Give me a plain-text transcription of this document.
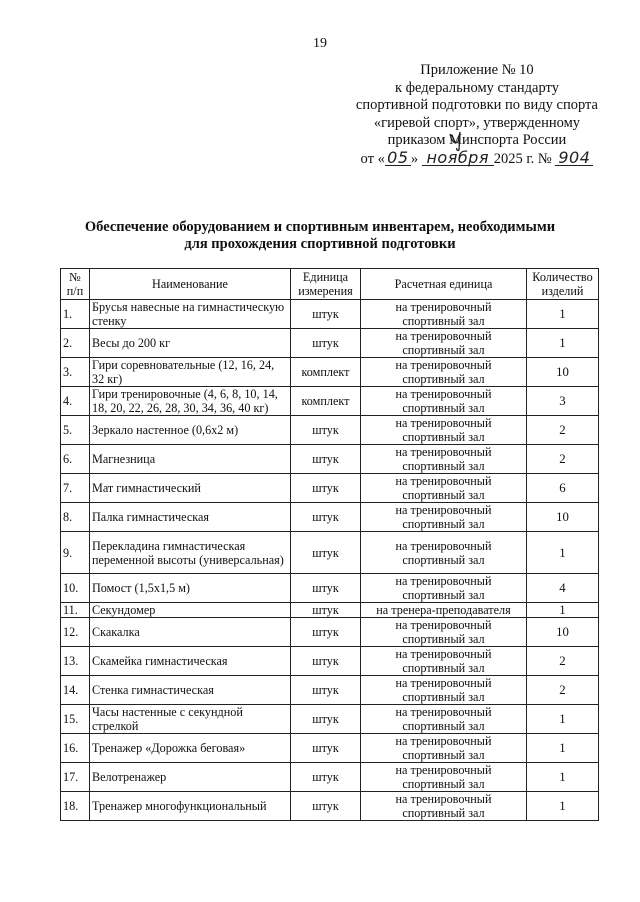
19
Приложение № 10
к федеральному стандарту
спортивной подготовки по виду спорта
«гиревой спорт», утвержденному
приказом Минспорта России
от « 05 » ноября 2025 г. № 904
Обеспечение оборудованием и спортивным инвентарем, необходимыми
для прохождения спортивной подготовки
№ п/п	Наименование	Единица измерения	Расчетная единица	Количество изделий
1.	Брусья навесные на гимнастическую стенку	штук	на тренировочный спортивный зал	1
2.	Весы до 200 кг	штук	на тренировочный спортивный зал	1
3.	Гири соревновательные (12, 16, 24, 32 кг)	комплект	на тренировочный спортивный зал	10
4.	Гири тренировочные (4, 6, 8, 10, 14, 18, 20, 22, 26, 28, 30, 34, 36, 40 кг)	комплект	на тренировочный спортивный зал	3
5.	Зеркало настенное (0,6х2 м)	штук	на тренировочный спортивный зал	2
6.	Магнезница	штук	на тренировочный спортивный зал	2
7.	Мат гимнастический	штук	на тренировочный спортивный зал	6
8.	Палка гимнастическая	штук	на тренировочный спортивный зал	10
9.	Перекладина гимнастическая переменной высоты (универсальная)	штук	на тренировочный спортивный зал	1
10.	Помост (1,5х1,5 м)	штук	на тренировочный спортивный зал	4
11.	Секундомер	штук	на тренера-преподавателя	1
12.	Скакалка	штук	на тренировочный спортивный зал	10
13.	Скамейка гимнастическая	штук	на тренировочный спортивный зал	2
14.	Стенка гимнастическая	штук	на тренировочный спортивный зал	2
15.	Часы настенные с секундной стрелкой	штук	на тренировочный спортивный зал	1
16.	Тренажер «Дорожка беговая»	штук	на тренировочный спортивный зал	1
17.	Велотренажер	штук	на тренировочный спортивный зал	1
18.	Тренажер многофункциональный	штук	на тренировочный спортивный зал	1
